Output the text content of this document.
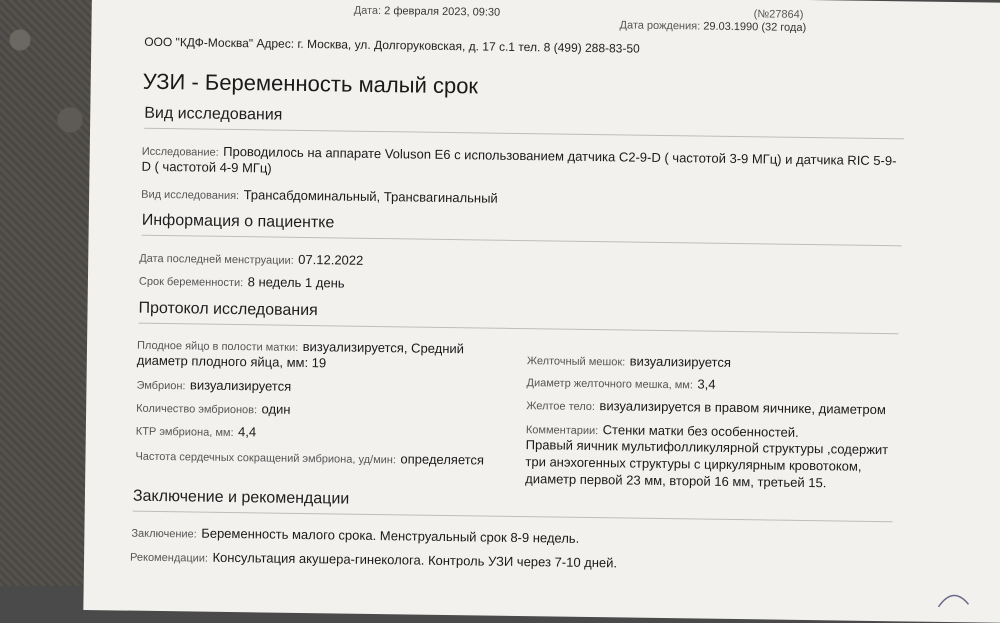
Дата: 2 февраля 2023, 09:30	(№27864)
Дата рождения: 29.03.1990 (32 года)
ООО "КДФ-Москва" Адрес: г. Москва, ул. Долгоруковская, д. 17 с.1 тел. 8 (499) 288-83-50
УЗИ - Беременность малый срок
Вид исследования
Исследование: Проводилось на аппарате Voluson E6 с использованием датчика C2-9-D ( частотой 3-9 МГц) и датчика RIC 5-9-
D ( частотой 4-9 МГц)
Вид исследования: Трансабдоминальный, Трансвагинальный
Информация о пациентке
Дата последней менструации: 07.12.2022
Срок беременности: 8 недель 1 день
Протокол исследования
Плодное яйцо в полости матки: визуализируется, Средний
диаметр плодного яйца, мм: 19
Эмбрион: визуализируется
Количество эмбрионов: один
КТР эмбриона, мм: 4,4
Частота сердечных сокращений эмбриона, уд/мин: определяется
Желточный мешок: визуализируется
Диаметр желточного мешка, мм: 3,4
Желтое тело: визуализируется в правом яичнике, диаметром
Комментарии: Стенки матки без особенностей.
Правый яичник мультифолликулярной структуры ,содержит
три анэхогенных структуры с циркулярным кровотоком,
диаметр первой 23 мм, второй 16 мм, третьей 15.
Заключение и рекомендации
Заключение: Беременность малого срока. Менструальный срок 8-9 недель.
Рекомендации: Консультация акушера-гинеколога. Контроль УЗИ через 7-10 дней.
